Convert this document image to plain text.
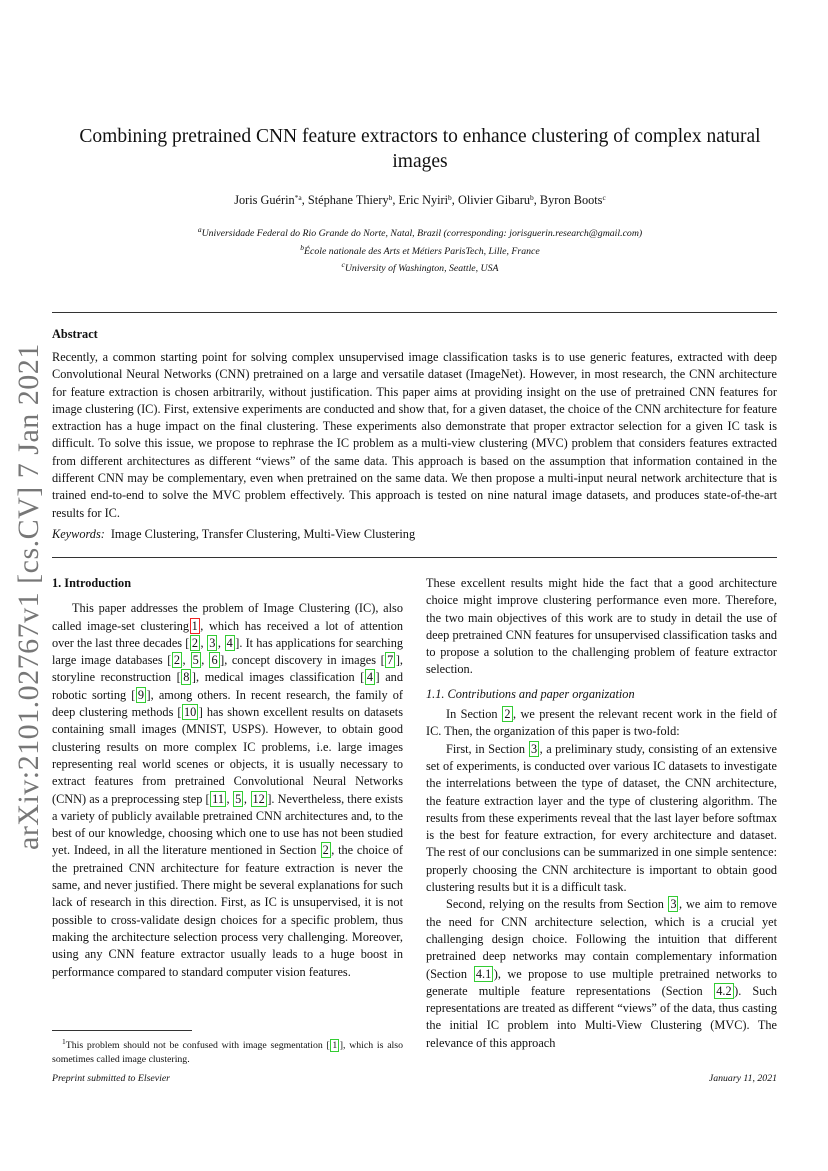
arXiv:2101.02767v1 [cs.CV] 7 Jan 2021
Combining pretrained CNN feature extractors to enhance clustering of complex natural images
Joris Guérin$^{*a}$, Stéphane Thiery$^b$, Eric Nyiri$^b$, Olivier Gibaru$^b$, Byron Boots$^c$
$^a$Universidade Federal do Rio Grande do Norte, Natal, Brazil (corresponding: jorisguerin.research@gmail.com)
$^b$École nationale des Arts et Métiers ParisTech, Lille, France
$^c$University of Washington, Seattle, USA
Abstract
Recently, a common starting point for solving complex unsupervised image classification tasks is to use generic features, extracted with deep Convolutional Neural Networks (CNN) pretrained on a large and versatile dataset (ImageNet). However, in most research, the CNN architecture for feature extraction is chosen arbitrarily, without justification. This paper aims at providing insight on the use of pretrained CNN features for image clustering (IC). First, extensive experiments are conducted and show that, for a given dataset, the choice of the CNN architecture for feature extraction has a huge impact on the final clustering. These experiments also demonstrate that proper extractor selection for a given IC task is difficult. To solve this issue, we propose to rephrase the IC problem as a multi-view clustering (MVC) problem that considers features extracted from different architectures as different “views” of the same data. This approach is based on the assumption that information contained in the different CNN may be complementary, even when pretrained on the same data. We then propose a multi-input neural network architecture that is trained end-to-end to solve the MVC problem effectively. This approach is tested on nine natural image datasets, and produces state-of-the-art results for IC.
Keywords: Image Clustering, Transfer Clustering, Multi-View Clustering
1. Introduction

This paper addresses the problem of Image Clustering (IC), also called image-set clustering 1 , which has received a lot of attention over the last three decades [ 2 , 3 , 4 ]. It has applications for searching large image databases [ 2 , 5 , 6 ], concept discovery in images [ 7 ], storyline reconstruction [ 8 ], medical images classification [ 4 ] and robotic sorting [ 9 ], among others. In recent research, the family of deep clustering methods [ 10 ] has shown excellent results on datasets containing small images (MNIST, USPS). However, to obtain good clustering results on more complex IC problems, i.e. large images representing real world scenes or objects, it is usually necessary to extract features from pretrained Convolutional Neural Networks (CNN) as a preprocessing step [ 11 , 5 , 12 ]. Nevertheless, there exists a variety of publicly available pretrained CNN architectures and, to the best of our knowledge, choosing which one to use has not been studied yet. Indeed, in all the literature mentioned in Section 2 , the choice of the pretrained CNN architecture for feature extraction is never the same, and never justified. There might be several explanations for such lack of research in this direction. First, as IC is unsupervised, it is not possible to cross-validate design choices for a specific problem, thus making the architecture selection process very challenging. Moreover, using any CNN feature extractor usually leads to a huge boost in performance compared to standard computer vision features.

These excellent results might hide the fact that a good architecture choice might improve clustering performance even more. Therefore, the two main objectives of this work are to study in detail the use of deep pretrained CNN features for unsupervised classification tasks and to propose a solution to the challenging problem of feature extractor selection.

1.1. Contributions and paper organization

In Section 2 , we present the relevant recent work in the field of IC. Then, the organization of this paper is two-fold:

First, in Section 3 , a preliminary study, consisting of an extensive set of experiments, is conducted over various IC datasets to investigate the interrelations between the type of dataset, the CNN architecture, the feature extraction layer and the type of clustering algorithm. The results from these experiments reveal that the last layer before softmax is the best for feature extraction, for every architecture and dataset. The rest of our conclusions can be summarized in one simple sentence: properly choosing the CNN architecture is important to obtain good clustering results but it is a difficult task.

Second, relying on the results from Section 3 , we aim to remove the need for CNN architecture selection, which is a crucial yet challenging design choice. Following the intuition that different pretrained deep networks may contain complementary information (Section 4.1 ), we propose to use multiple pretrained networks to generate multiple feature representations (Section 4.2 ). Such representations are treated as different “views” of the data, thus casting the initial IC problem into Multi-View Clustering (MVC). The relevance of this approach

$^1$This problem should not be confused with image segmentation [ 1 ], which is also sometimes called image clustering.
Preprint submitted to Elsevier	January 11, 2021
